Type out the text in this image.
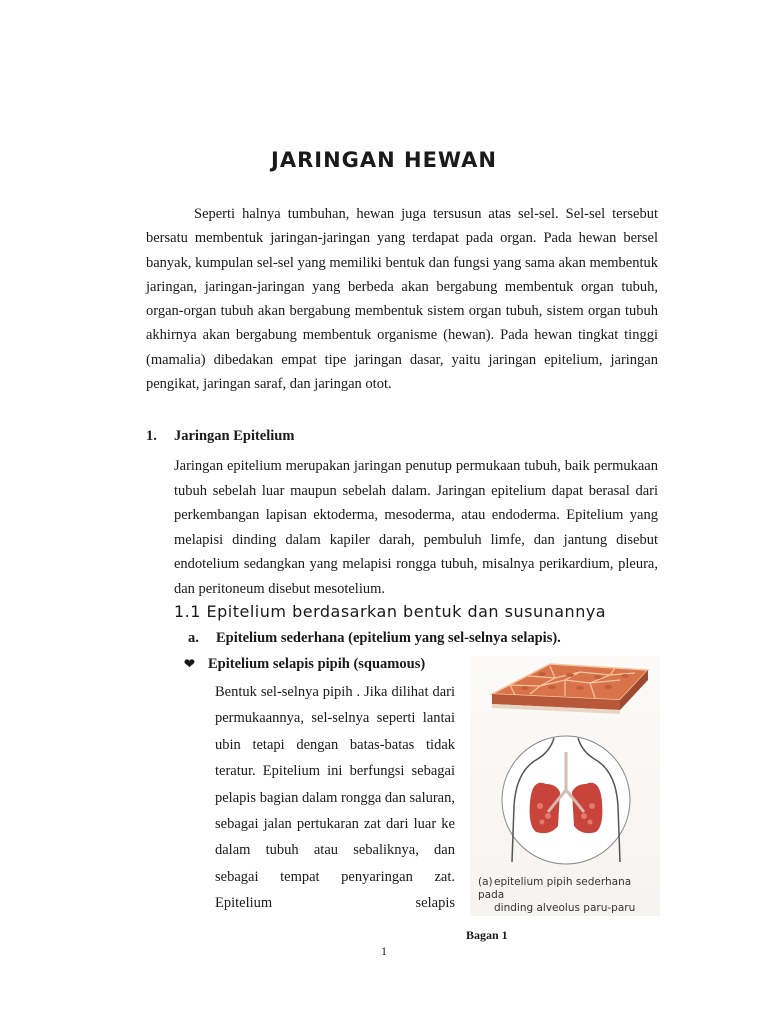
JARINGAN HEWAN

Seperti halnya tumbuhan, hewan juga tersusun atas sel-sel. Sel-sel tersebut bersatu membentuk jaringan-jaringan yang terdapat pada organ. Pada hewan bersel banyak, kumpulan sel-sel yang memiliki bentuk dan fungsi yang sama akan membentuk jaringan, jaringan-jaringan yang berbeda akan bergabung membentuk organ tubuh, organ-organ tubuh akan bergabung membentuk sistem organ tubuh, sistem organ tubuh akhirnya akan bergabung membentuk organisme (hewan). Pada hewan tingkat tinggi (mamalia) dibedakan empat tipe jaringan dasar, yaitu jaringan epitelium, jaringan pengikat, jaringan saraf, dan jaringan otot.

1. Jaringan Epitelium

Jaringan epitelium merupakan jaringan penutup permukaan tubuh, baik permukaan tubuh sebelah luar maupun sebelah dalam. Jaringan epitelium dapat berasal dari perkembangan lapisan ektoderma, mesoderma, atau endoderma. Epitelium yang melapisi dinding dalam kapiler darah, pembuluh limfe, dan jantung disebut endotelium sedangkan yang melapisi rongga tubuh, misalnya perikardium, pleura, dan peritoneum disebut mesotelium.

1.1 Epitelium berdasarkan bentuk dan susunannya
a. Epitelium sederhana (epitelium yang sel-selnya selapis).
❤ Epitelium selapis pipih (squamous)

Bentuk sel-selnya pipih . Jika dilihat dari permukaannya, sel-selnya seperti lantai ubin tetapi dengan batas-batas tidak teratur. Epitelium ini berfungsi sebagai pelapis bagian dalam rongga dan saluran, sebagai jalan pertukaran zat dari luar ke dalam tubuh atau sebaliknya, dan sebagai tempat penyaringan zat. Epitelium selapis

(a)epitelium pipih sederhana pada
dinding alveolus paru-paru
Bagan 1
1
